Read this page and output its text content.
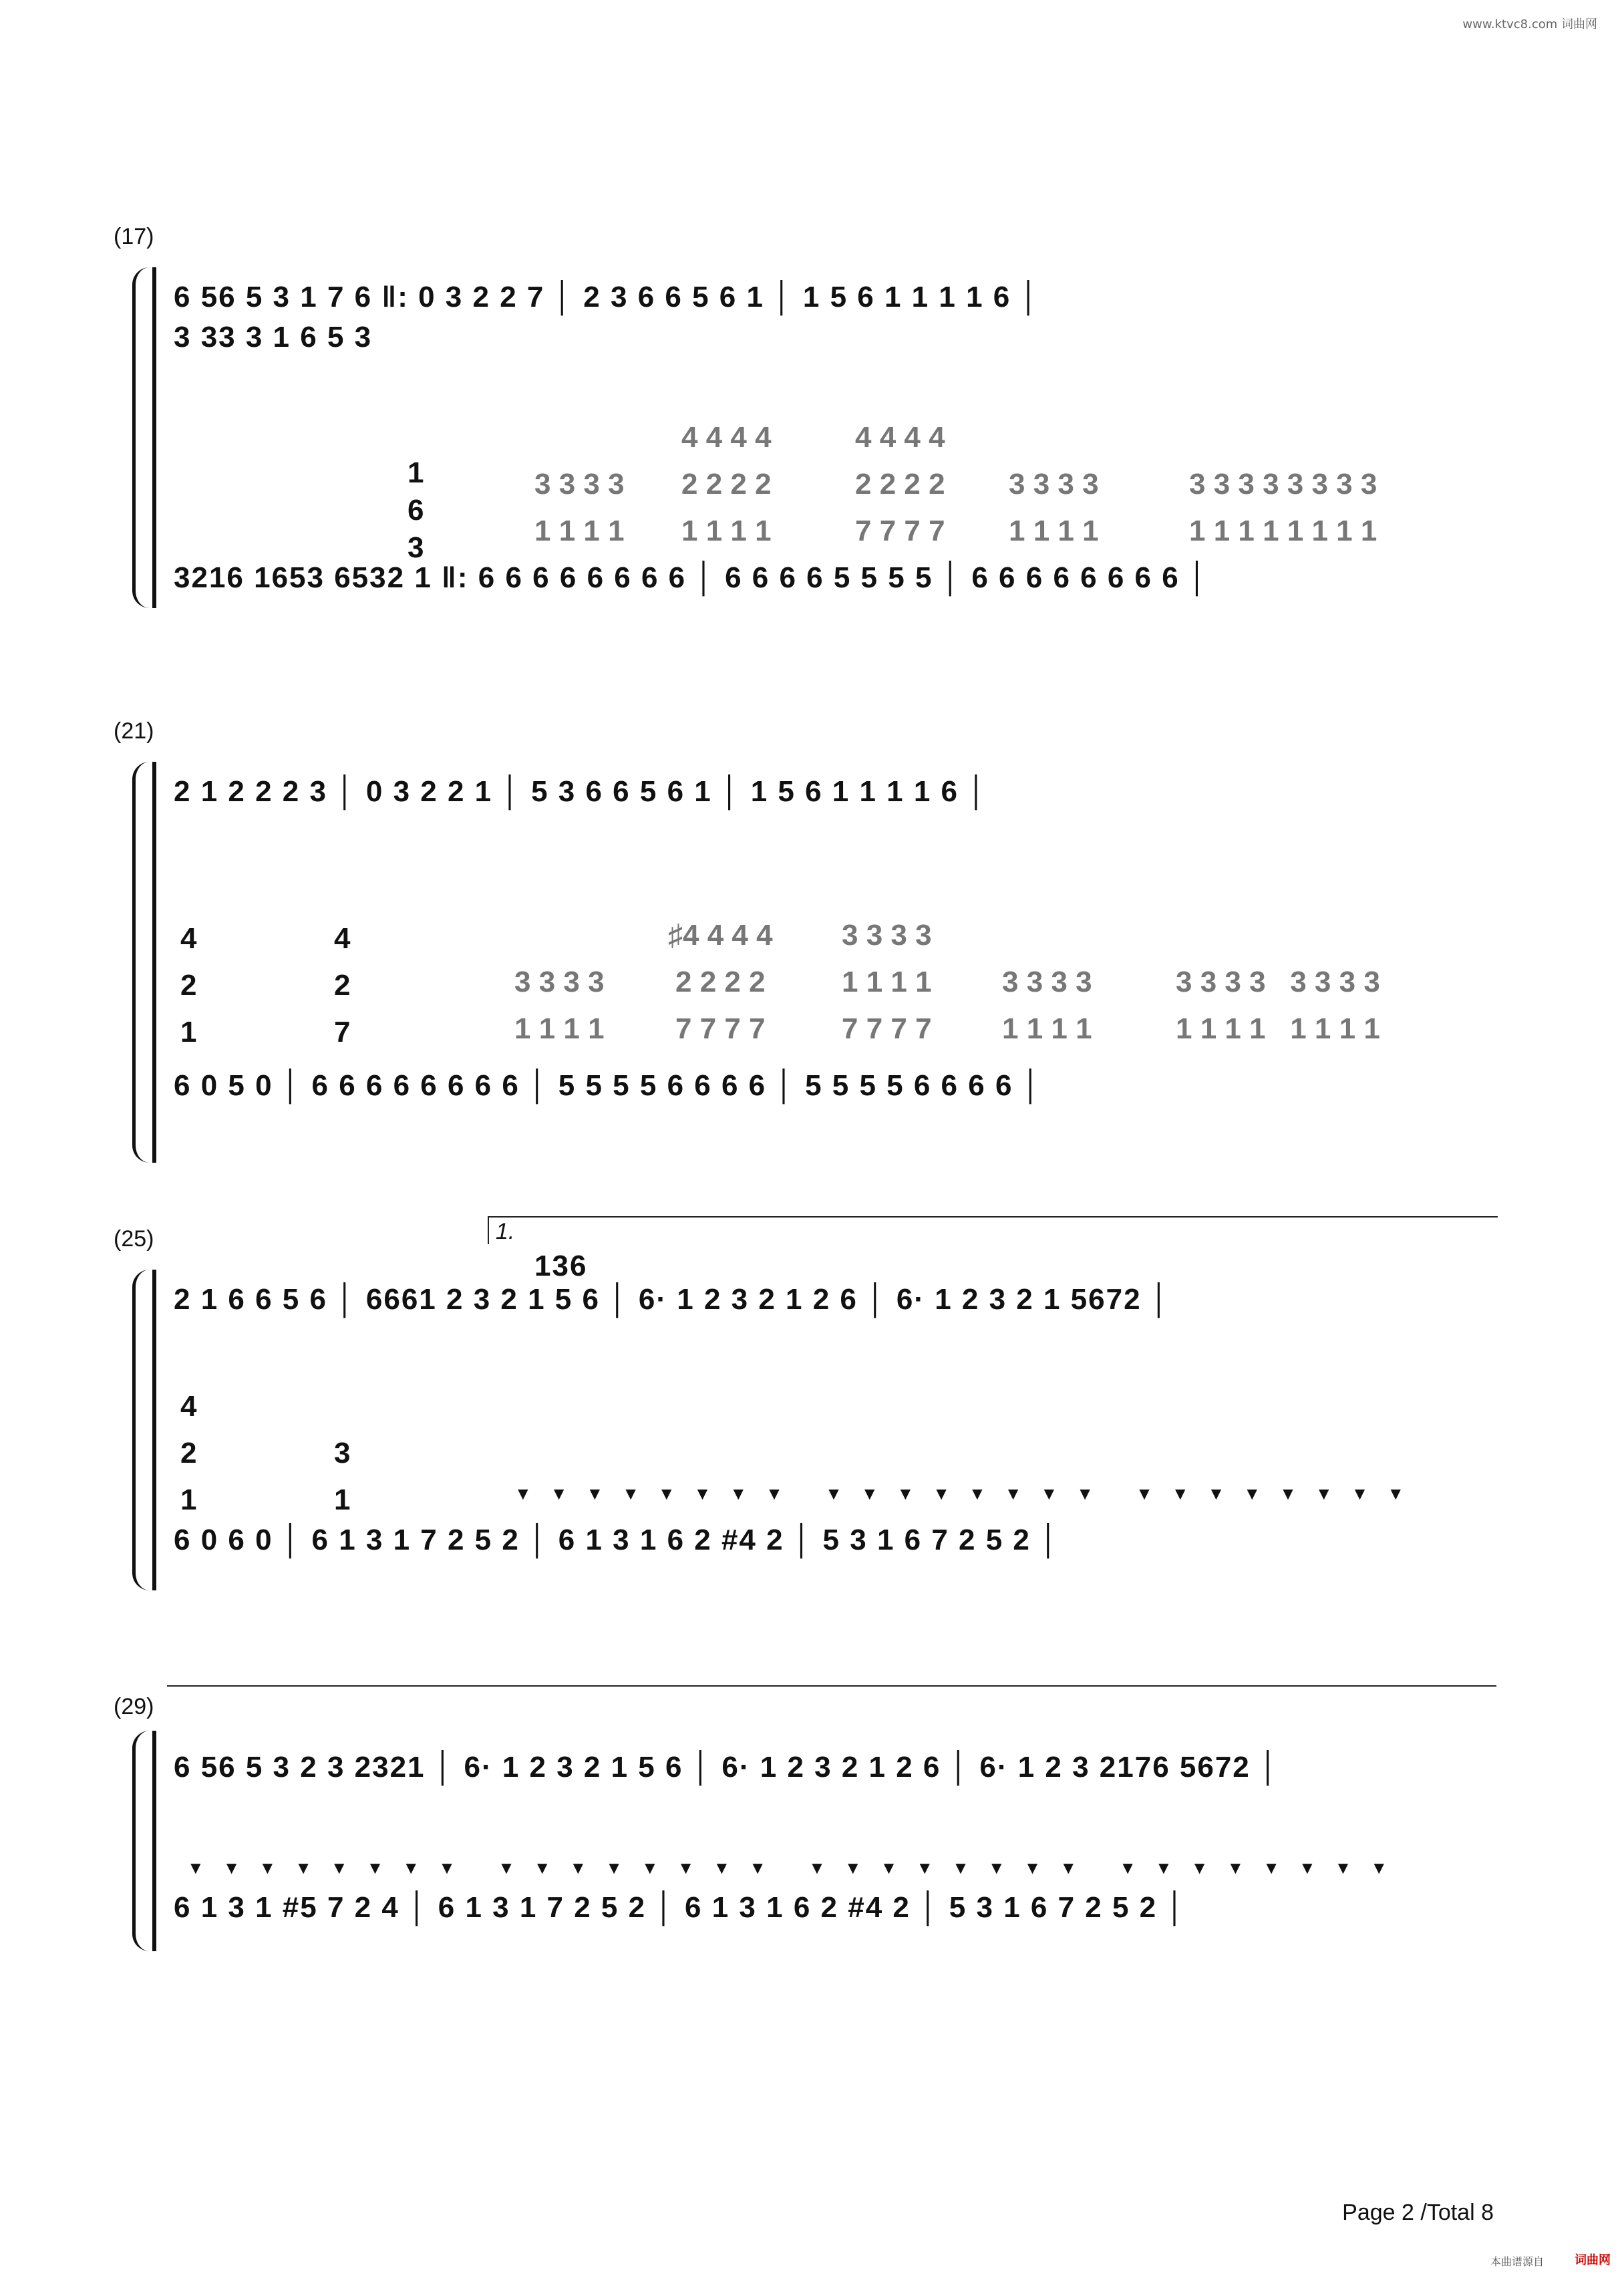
www.ktvc8.com 词曲网
(17)
6 56 5 3 1 7 6 ‖: 0 3 2 2 7 │ 2 3 6 6 5 6 1 │ 1 5 6 1 1 1 1 6 │
3 33 3 1 6 5 3
3 3 3 3
1 1 1 1
4 4 4 4
2 2 2 2
1 1 1 1
4 4 4 4
2 2 2 2
7 7 7 7
3 3 3 3
1 1 1 1
3 3 3 3 3 3 3 3
1 1 1 1 1 1 1 1
1
6
3
3216 1653 6532 1 ‖: 6 6 6 6 6 6 6 6 │ 6 6 6 6 5 5 5 5 │ 6 6 6 6 6 6 6 6 │
(21)
2 1 2 2 2 3 │ 0 3 2 2 1 │ 5 3 6 6 5 6 1 │ 1 5 6 1 1 1 1 6 │
4
2
1
4
2
7
3 3 3 3
1 1 1 1
♯4 4 4 4
2 2 2 2
7 7 7 7
3 3 3 3
1 1 1 1
7 7 7 7
3 3 3 3
1 1 1 1
3 3 3 3   3 3 3 3
1 1 1 1   1 1 1 1
6 0 5 0 │ 6 6 6 6 6 6 6 6 │ 5 5 5 5 6 6 6 6 │ 5 5 5 5 6 6 6 6 │
1.
(25)
136
2 1 6 6 5 6 │ 6661 2 3 2 1 5 6 │ 6· 1 2 3 2 1 2 6 │ 6· 1 2 3 2 1 5672 │
4
2
1
3
1	▼▼▼▼▼▼▼▼ ▼▼▼▼▼▼▼▼ ▼▼▼▼▼▼▼▼
6 0 6 0 │ 6 1 3 1 7 2 5 2 │ 6 1 3 1 6 2 #4 2 │ 5 3 1 6 7 2 5 2 │
(29)
6 56 5 3 2 3 2321 │ 6· 1 2 3 2 1 5 6 │ 6· 1 2 3 2 1 2 6 │ 6· 1 2 3 2176 5672 │
▼▼▼▼▼▼▼▼ ▼▼▼▼▼▼▼▼ ▼▼▼▼▼▼▼▼ ▼▼▼▼▼▼▼▼
6 1 3 1 #5 7 2 4 │ 6 1 3 1 7 2 5 2 │ 6 1 3 1 6 2 #4 2 │ 5 3 1 6 7 2 5 2 │
Page 2 /Total 8
本曲谱源自	词曲网
